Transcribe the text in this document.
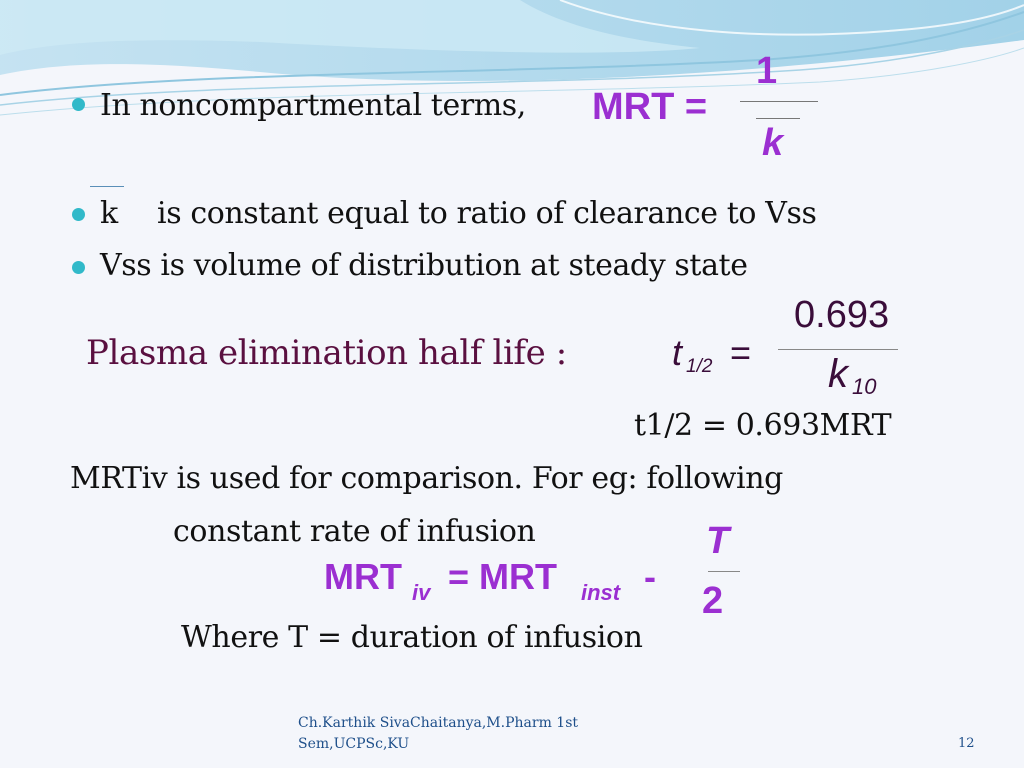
In noncompartmental terms, MRT =
1
k
k is constant equal to ratio of clearance to Vss
Vss is volume of distribution at steady state
Plasma elimination half life :	t 1/2 =
0.693
k 10
t1/2 = 0.693MRT
MRTiv is used for comparison. For eg: following
constant rate of infusion
MRT iv = MRT inst -
T
2
Where T = duration of infusion
Ch.Karthik SivaChaitanya,M.Pharm 1st
Sem,UCPSc,KU	12
